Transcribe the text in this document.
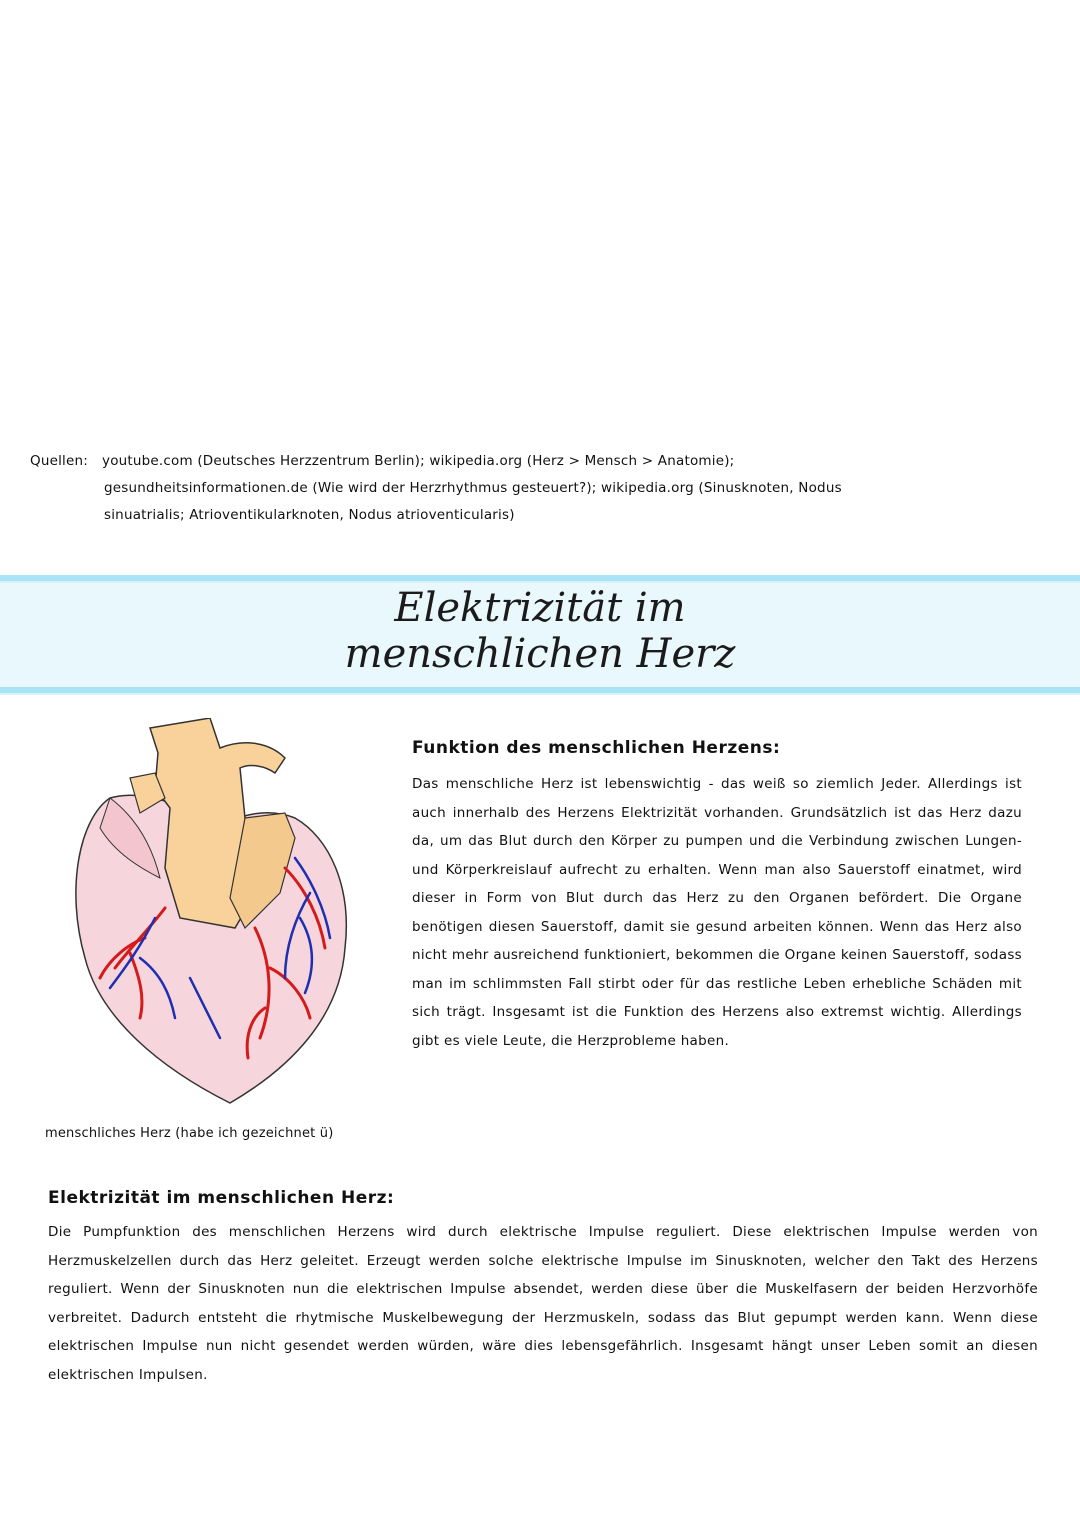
Quellen: youtube.com (Deutsches Herzzentrum Berlin); wikipedia.org (Herz > Mensch > Anatomie);
gesundheitsinformationen.de (Wie wird der Herzrhythmus gesteuert?); wikipedia.org (Sinusknoten, Nodus
sinuatrialis; Atrioventikularknoten, Nodus atrioventicularis)
Elektrizität im
menschlichen Herz
menschliches Herz (habe ich gezeichnet ü)
Funktion des menschlichen Herzens:
Das menschliche Herz ist lebenswichtig - das weiß so ziemlich Jeder. Allerdings ist auch innerhalb des Herzens Elektrizität vorhanden. Grundsätzlich ist das Herz dazu da, um das Blut durch den Körper zu pumpen und die Verbindung zwischen Lungen- und Körperkreislauf aufrecht zu erhalten. Wenn man also Sauerstoff einatmet, wird dieser in Form von Blut durch das Herz zu den Organen befördert. Die Organe benötigen diesen Sauerstoff, damit sie gesund arbeiten können. Wenn das Herz also nicht mehr ausreichend funktioniert, bekommen die Organe keinen Sauerstoff, sodass man im schlimmsten Fall stirbt oder für das restliche Leben erhebliche Schäden mit sich trägt. Insgesamt ist die Funktion des Herzens also extremst wichtig. Allerdings gibt es viele Leute, die Herzprobleme haben.
Elektrizität im menschlichen Herz:
Die Pumpfunktion des menschlichen Herzens wird durch elektrische Impulse reguliert. Diese elektrischen Impulse werden von Herzmuskelzellen durch das Herz geleitet. Erzeugt werden solche elektrische Impulse im Sinusknoten, welcher den Takt des Herzens reguliert. Wenn der Sinusknoten nun die elektrischen Impulse absendet, werden diese über die Muskelfasern der beiden Herzvorhöfe verbreitet. Dadurch entsteht die rhytmische Muskelbewegung der Herzmuskeln, sodass das Blut gepumpt werden kann. Wenn diese elektrischen Impulse nun nicht gesendet werden würden, wäre dies lebensgefährlich. Insgesamt hängt unser Leben somit an diesen elektrischen Impulsen.
